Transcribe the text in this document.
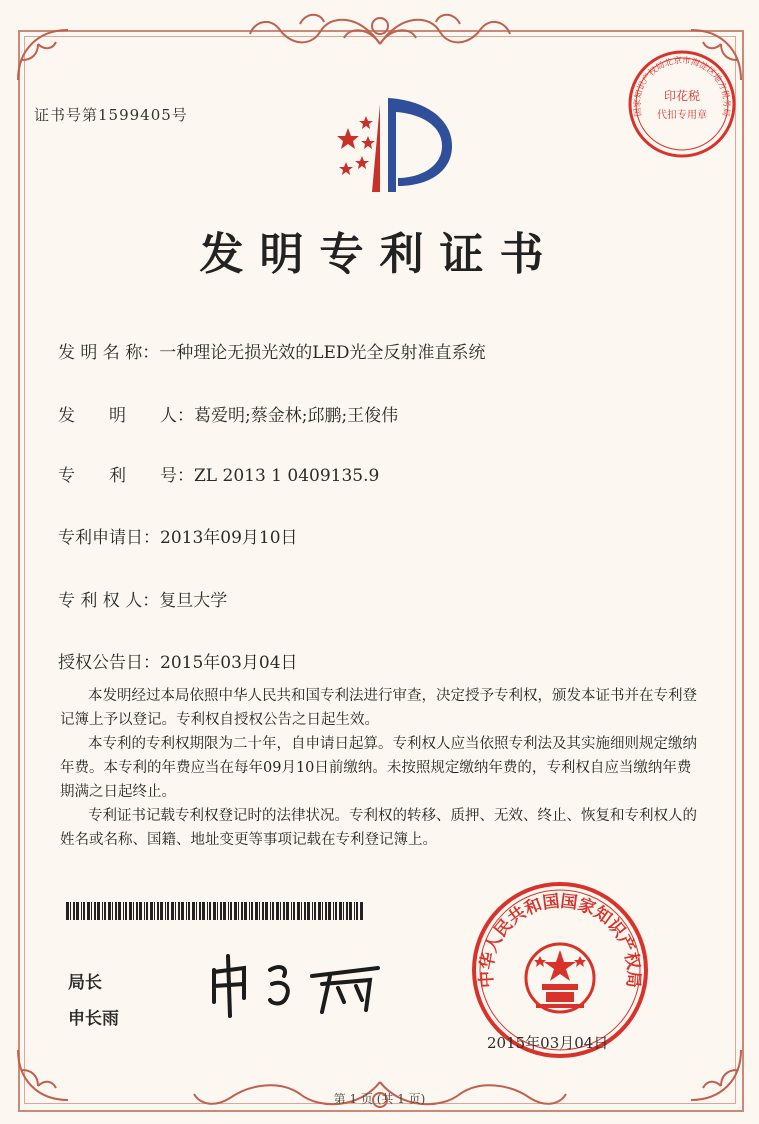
证书号第1599405号
印花税
代扣专用章
国家知识产权局北京市海淀区地方税务局
发明专利证书
发 明 名 称：一种理论无损光效的LED光全反射准直系统
发　　明　　人：葛爱明;蔡金林;邱鹏;王俊伟
专　　利　　号：ZL 2013 1 0409135.9
专利申请日：2013年09月10日
专 利 权 人：复旦大学
授权公告日：2015年03月04日

本发明经过本局依照中华人民共和国专利法进行审查，决定授予专利权，颁发本证书并在专利登记簿上予以登记。专利权自授权公告之日起生效。

本专利的专利权期限为二十年，自申请日起算。专利权人应当依照专利法及其实施细则规定缴纳年费。本专利的年费应当在每年09月10日前缴纳。未按照规定缴纳年费的，专利权自应当缴纳年费期满之日起终止。

专利证书记载专利权登记时的法律状况。专利权的转移、质押、无效、终止、恢复和专利权人的姓名或名称、国籍、地址变更等事项记载在专利登记簿上。

局长
申长雨
中华人民共和国国家知识产权局
2015年03月04日
第 1 页 (共 1 页)
